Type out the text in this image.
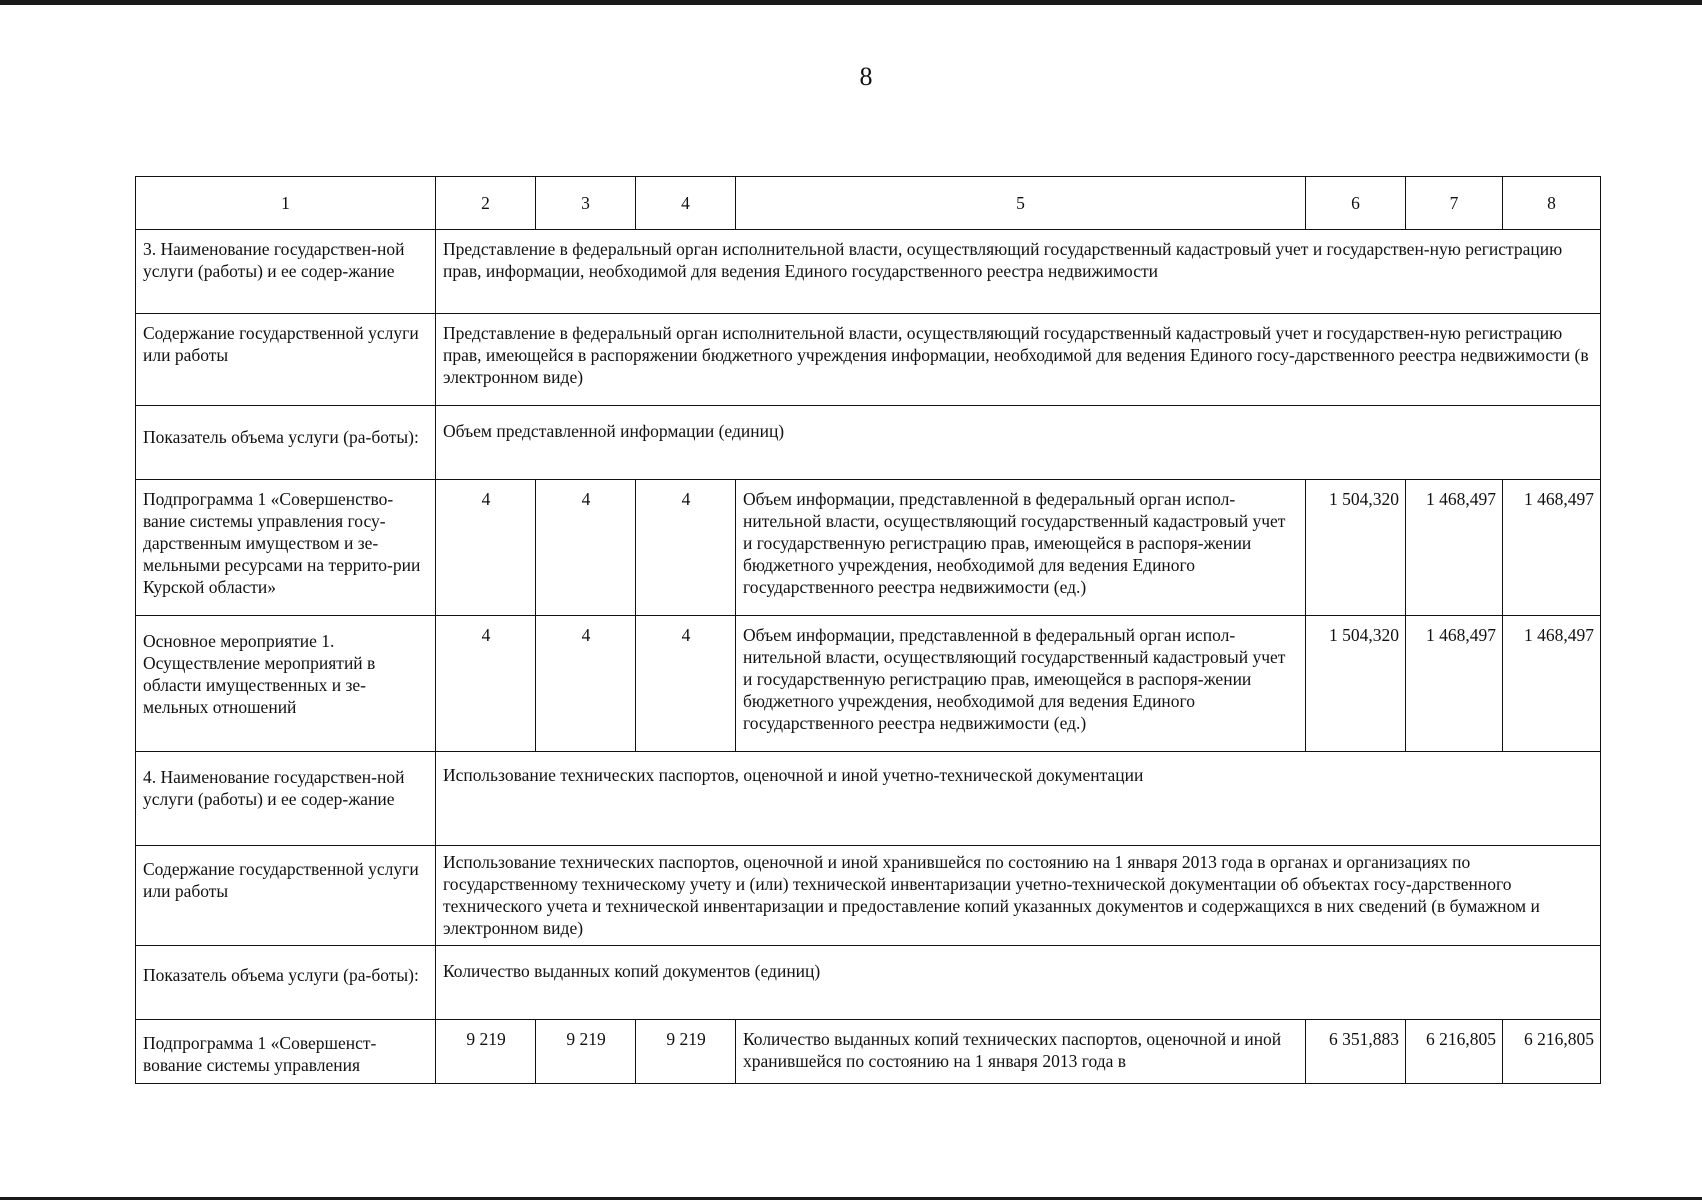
8
1	2	3	4	5	6	7	8
3. Наименование государствен-ной услуги (работы) и ее содер-жание	Представление в федеральный орган исполнительной власти, осуществляющий государственный кадастровый учет и государствен-ную регистрацию прав, информации, необходимой для ведения Единого государственного реестра недвижимости						
Содержание государственной услуги или работы	Представление в федеральный орган исполнительной власти, осуществляющий государственный кадастровый учет и государствен-ную регистрацию прав, имеющейся в распоряжении бюджетного учреждения информации, необходимой для ведения Единого госу-дарственного реестра недвижимости (в электронном виде)						
Показатель объема услуги (ра-боты):	Объем представленной информации (единиц)						
Подпрограмма 1 «Совершенство-вание системы управления госу-дарственным имуществом и зе-мельными ресурсами на террито-рии Курской области»	4	4	4	Объем информации, представленной в федеральный орган испол-нительной власти, осуществляющий государственный кадастровый учет и государственную регистрацию прав, имеющейся в распоря-жении бюджетного учреждения, необходимой для ведения Единого государственного реестра недвижимости (ед.)	1 504,320	1 468,497	1 468,497
Основное мероприятие 1. Осуществление мероприятий в области имущественных и зе-мельных отношений	4	4	4	Объем информации, представленной в федеральный орган испол-нительной власти, осуществляющий государственный кадастровый учет и государственную регистрацию прав, имеющейся в распоря-жении бюджетного учреждения, необходимой для ведения Единого государственного реестра недвижимости (ед.)	1 504,320	1 468,497	1 468,497
4. Наименование государствен-ной услуги (работы) и ее содер-жание	Использование технических паспортов, оценочной и иной учетно-технической документации						
Содержание государственной услуги или работы	Использование технических паспортов, оценочной и иной хранившейся по состоянию на 1 января 2013 года в органах и организациях по государственному техническому учету и (или) технической инвентаризации учетно-технической документации об объектах госу-дарственного технического учета и технической инвентаризации и предоставление копий указанных документов и содержащихся в них сведений (в бумажном и электронном виде)						
Показатель объема услуги (ра-боты):	Количество выданных копий документов (единиц)						
Подпрограмма 1 «Совершенст-вование системы управления	9 219	9 219	9 219	Количество выданных копий технических паспортов, оценочной и иной хранившейся по состоянию на 1 января 2013 года в	6 351,883	6 216,805	6 216,805
